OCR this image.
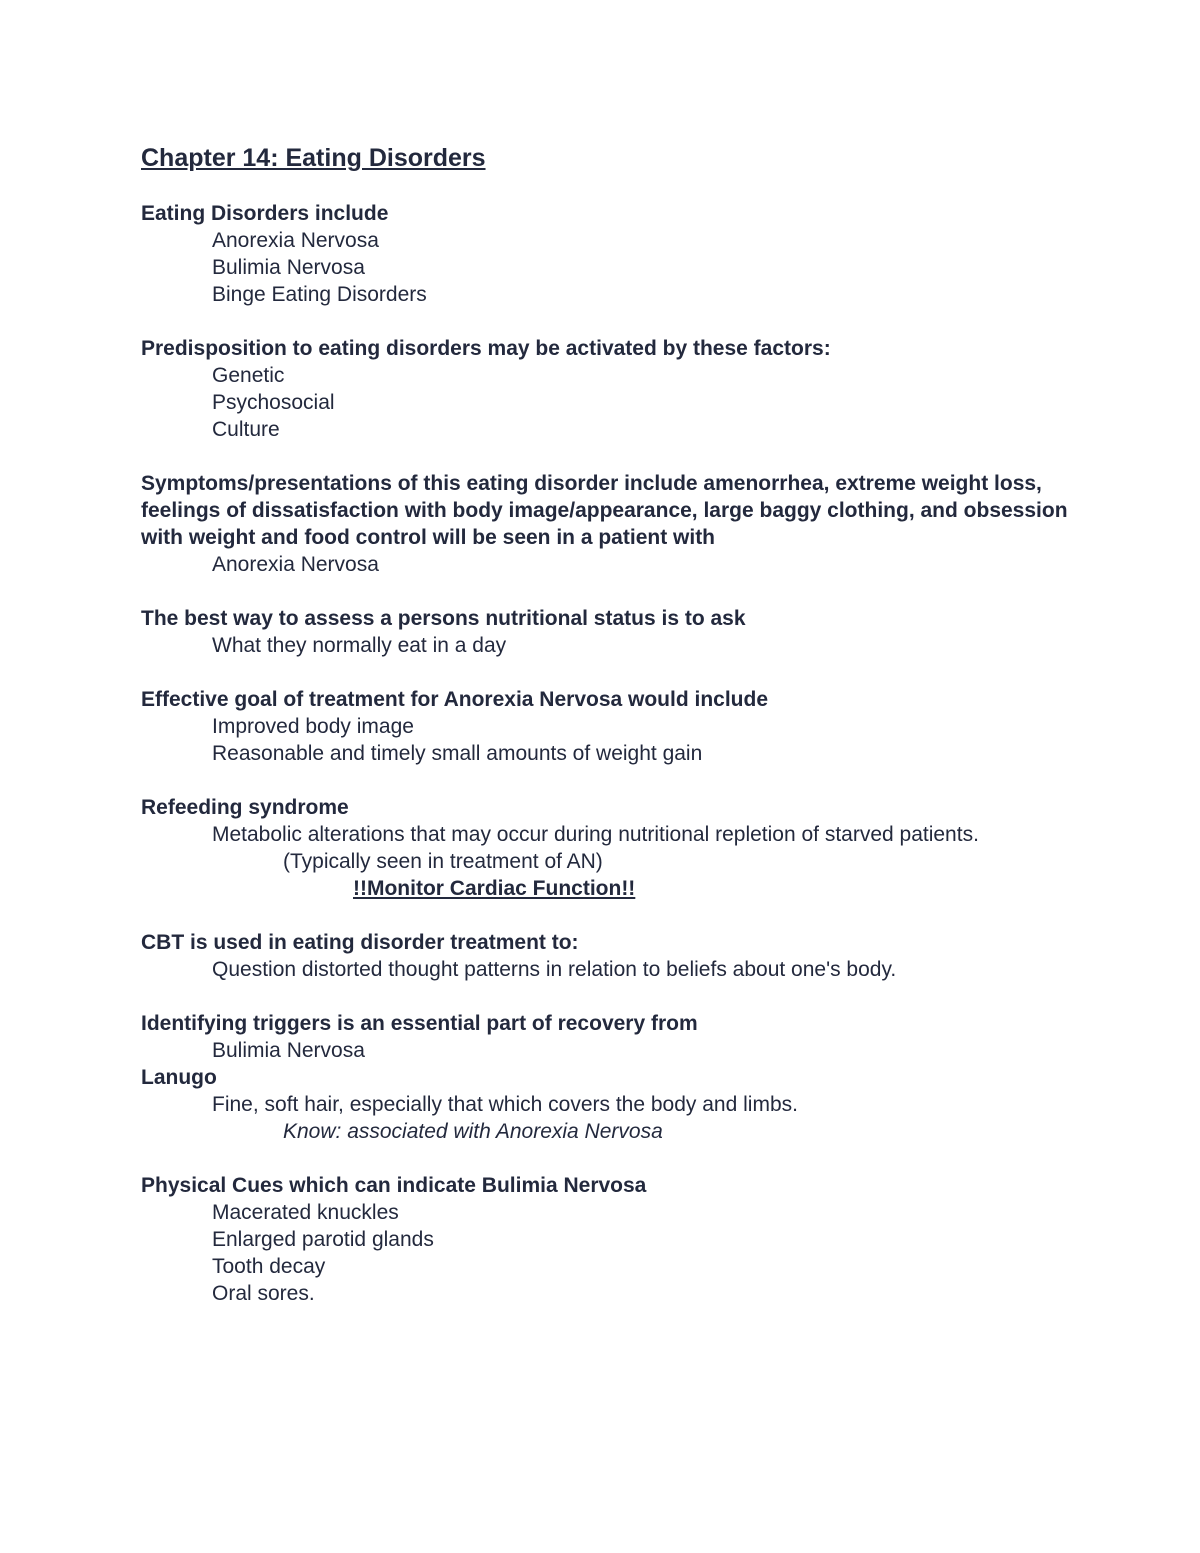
Chapter 14: Eating Disorders

Eating Disorders include

Anorexia Nervosa

Bulimia Nervosa

Binge Eating Disorders

Predisposition to eating disorders may be activated by these factors:

Genetic

Psychosocial

Culture

Symptoms/presentations of this eating disorder include amenorrhea, extreme weight loss, feelings of dissatisfaction with body image/appearance, large baggy clothing, and obsession with weight and food control will be seen in a patient with

Anorexia Nervosa

The best way to assess a persons nutritional status is to ask

What they normally eat in a day

Effective goal of treatment for Anorexia Nervosa would include

Improved body image

Reasonable and timely small amounts of weight gain

Refeeding syndrome

Metabolic alterations that may occur during nutritional repletion of starved patients.

(Typically seen in treatment of AN)

!!Monitor Cardiac Function!!

CBT is used in eating disorder treatment to:

Question distorted thought patterns in relation to beliefs about one's body.

Identifying triggers is an essential part of recovery from

Bulimia Nervosa

Lanugo

Fine, soft hair, especially that which covers the body and limbs.

Know: associated with Anorexia Nervosa

Physical Cues which can indicate Bulimia Nervosa

Macerated knuckles

Enlarged parotid glands

Tooth decay

Oral sores.
